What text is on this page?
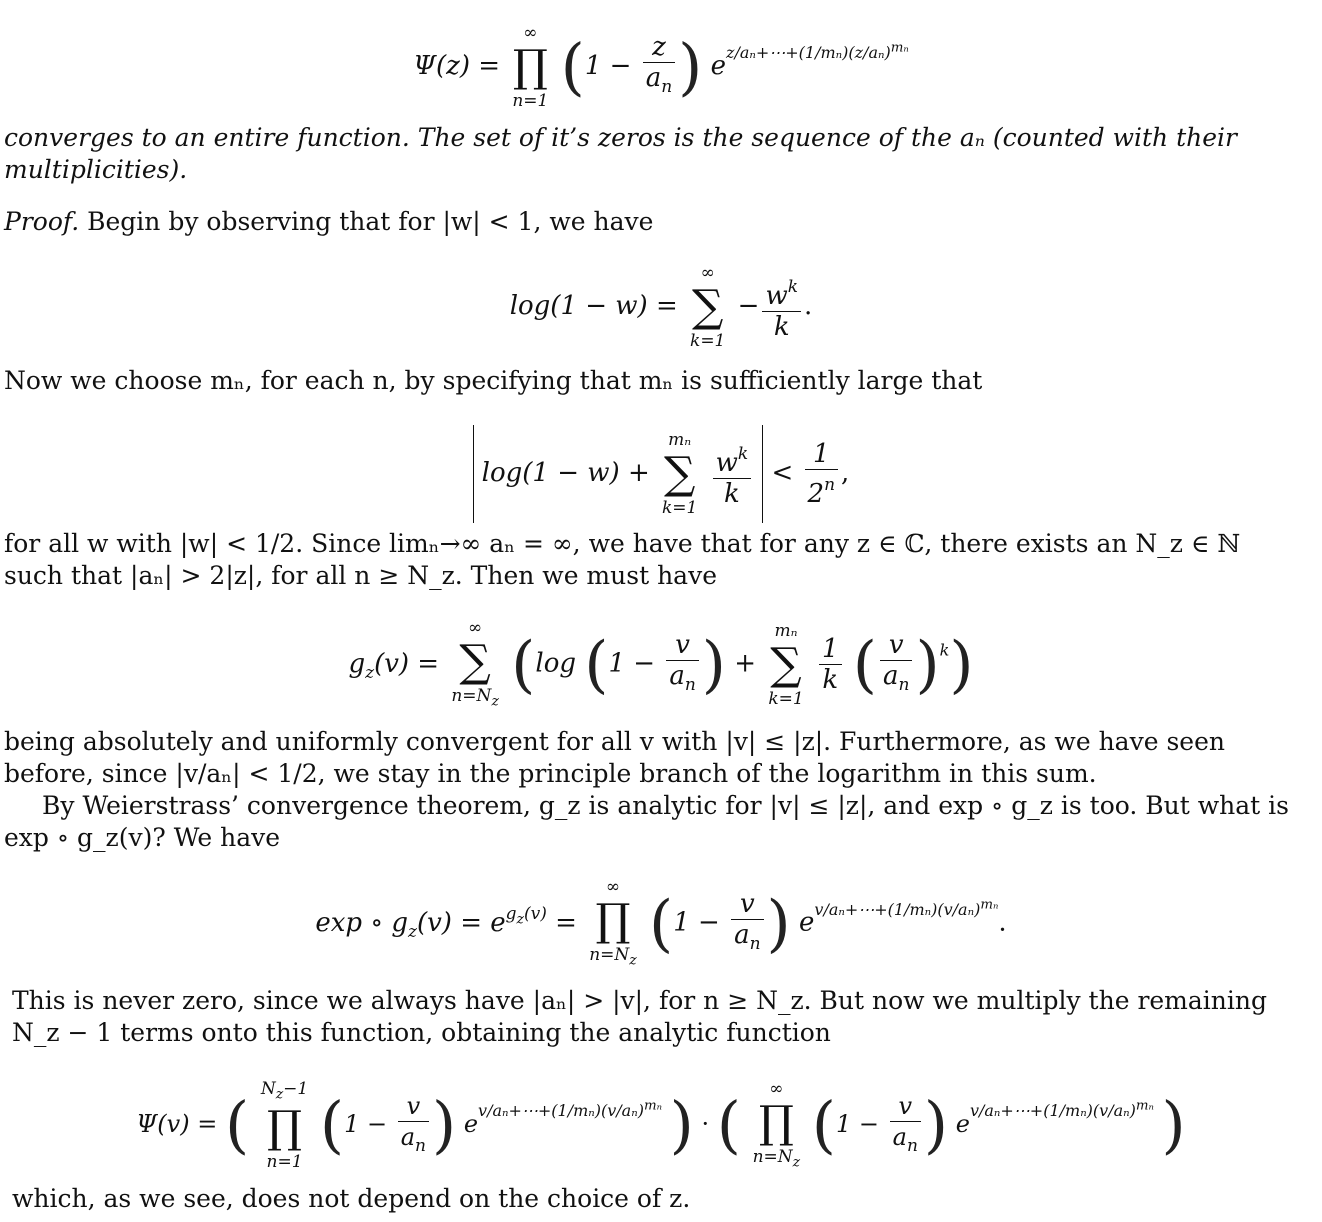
Ψ(z) =
∞
∏
n=1 ($1 - \frac{z}{a_n}$ ) $e^{z/a_n+\cdots+(1/m_n)(z/a_n)^{m_n}}$
converges to an entire function. The set of it’s zeros is the sequence of the aₙ (counted with their
multiplicities).
Proof. Begin by observing that for |w| < 1, we have
log(1 − w) =
∞
∑
k=1
− $\frac{w^k}{k}$ .
Now we choose mₙ, for each n, by specifying that mₙ is sufficiently large that
log(1 − w) +
mₙ
∑
k=1
$\frac{w^k}{k} < \frac{1}{2^n}$ ,
for all w with |w| < 1/2. Since limₙ→∞ aₙ = ∞, we have that for any z ∈ ℂ, there exists an N_z ∈ ℕ
such that |aₙ| > 2|z|, for all n ≥ N_z. Then we must have
$g_z(v)$ =
∞
∑
$n=N_z$
(log ($1 - \frac{v}{a_n}$ ) +
mₙ
∑
k=1

$\frac{1}{k}$ ( $\frac{v}{a_n} )^k$)
being absolutely and uniformly convergent for all v with |v| ≤ |z|. Furthermore, as we have seen
before, since |v/aₙ| < 1/2, we stay in the principle branch of the logarithm in this sum.
By Weierstrass’ convergence theorem, g_z is analytic for |v| ≤ |z|, and exp ∘ g_z is too. But what is
exp ∘ g_z(v)? We have
exp ∘ $g_z(v) = e^{g_z(v)}$ =
∞
∏
$n=N_z$
($1 - \frac{v}{a_n}$ ) $e^{v/a_n+\cdots+(1/m_n)(v/a_n)^{m_n}}$.
This is never zero, since we always have |aₙ| > |v|, for n ≥ N_z. But now we multiply the remaining
N_z − 1 terms onto this function, obtaining the analytic function
Ψ(v) = ( $N_z-1$
∏
n=1
($1 - \frac{v}{a_n}$ ) $e^{v/a_n+\cdots+(1/m_n)(v/a_n)^{m_n}}$ ) · (	∞
∏
$n=N_z$
($1 - \frac{v}{a_n}$ ) $e^{v/a_n+\cdots+(1/m_n)(v/a_n)^{m_n}}$ )
which, as we see, does not depend on the choice of z.
